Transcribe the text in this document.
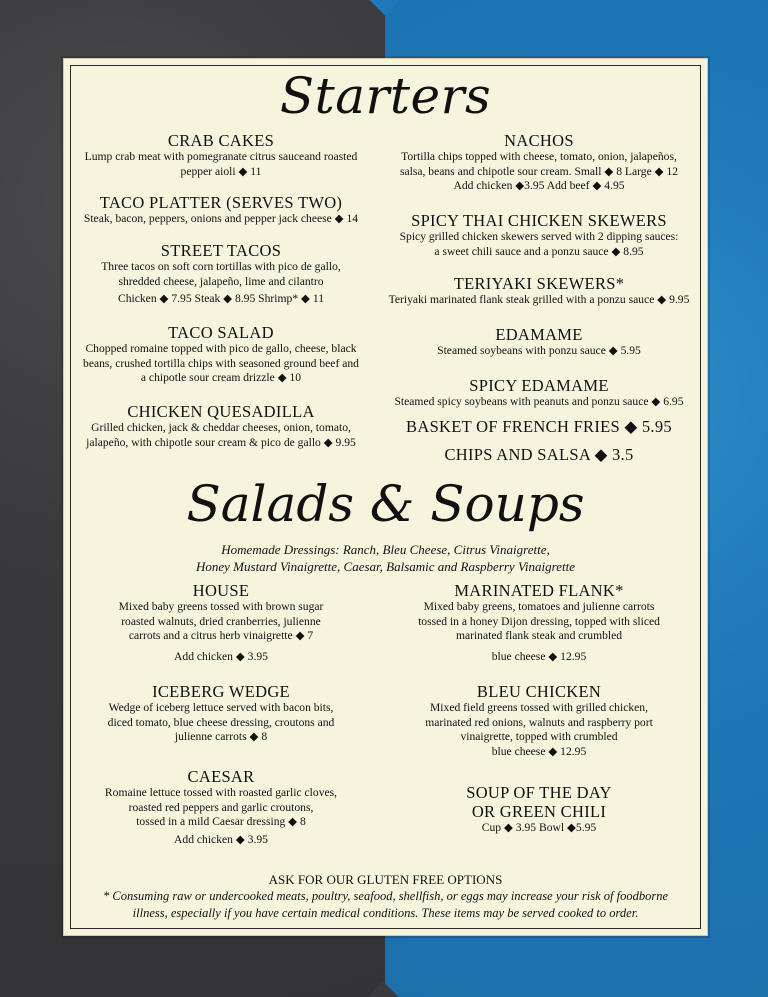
Starters
CRAB CAKES
Lump crab meat with pomegranate citrus sauceand roasted
pepper aioli ◆ 11
TACO PLATTER (SERVES TWO)
Steak, bacon, peppers, onions and pepper jack cheese ◆ 14
STREET TACOS
Three tacos on soft corn tortillas with pico de gallo,
shredded cheese, jalapeño, lime and cilantro
Chicken ◆ 7.95 Steak ◆ 8.95 Shrimp* ◆ 11
TACO SALAD
Chopped romaine topped with pico de gallo, cheese, black
beans, crushed tortilla chips with seasoned ground beef and
a chipotle sour cream drizzle ◆ 10
CHICKEN QUESADILLA
Grilled chicken, jack & cheddar cheeses, onion, tomato,
jalapeño, with chipotle sour cream & pico de gallo ◆ 9.95
NACHOS
Tortilla chips topped with cheese, tomato, onion, jalapeños,
salsa, beans and chipotle sour cream. Small ◆ 8 Large ◆ 12
Add chicken ◆3.95 Add beef ◆ 4.95
SPICY THAI CHICKEN SKEWERS
Spicy grilled chicken skewers served with 2 dipping sauces:
a sweet chili sauce and a ponzu sauce ◆ 8.95
TERIYAKI SKEWERS*
Teriyaki marinated flank steak grilled with a ponzu sauce ◆ 9.95
EDAMAME
Steamed soybeans with ponzu sauce ◆ 5.95
SPICY EDAMAME
Steamed spicy soybeans with peanuts and ponzu sauce ◆ 6.95
BASKET OF FRENCH FRIES ◆ 5.95
CHIPS AND SALSA ◆ 3.5
Salads & Soups
Homemade Dressings: Ranch, Bleu Cheese, Citrus Vinaigrette,
Honey Mustard Vinaigrette, Caesar, Balsamic and Raspberry Vinaigrette
HOUSE
Mixed baby greens tossed with brown sugar
roasted walnuts, dried cranberries, julienne
carrots and a citrus herb vinaigrette ◆ 7
Add chicken ◆ 3.95
ICEBERG WEDGE
Wedge of iceberg lettuce served with bacon bits,
diced tomato, blue cheese dressing, croutons and
julienne carrots ◆ 8
CAESAR
Romaine lettuce tossed with roasted garlic cloves,
roasted red peppers and garlic croutons,
tossed in a mild Caesar dressing ◆ 8
Add chicken ◆ 3.95
MARINATED FLANK*
Mixed baby greens, tomatoes and julienne carrots
tossed in a honey Dijon dressing, topped with sliced
marinated flank steak and crumbled
blue cheese ◆ 12.95
BLEU CHICKEN
Mixed field greens tossed with grilled chicken,
marinated red onions, walnuts and raspberry port
vinaigrette, topped with crumbled
blue cheese ◆ 12.95
SOUP OF THE DAY
OR GREEN CHILI
Cup ◆ 3.95 Bowl ◆5.95
ASK FOR OUR GLUTEN FREE OPTIONS
* Consuming raw or undercooked meats, poultry, seafood, shellfish, or eggs may increase your risk of foodborne
illness, especially if you have certain medical conditions. These items may be served cooked to order.
